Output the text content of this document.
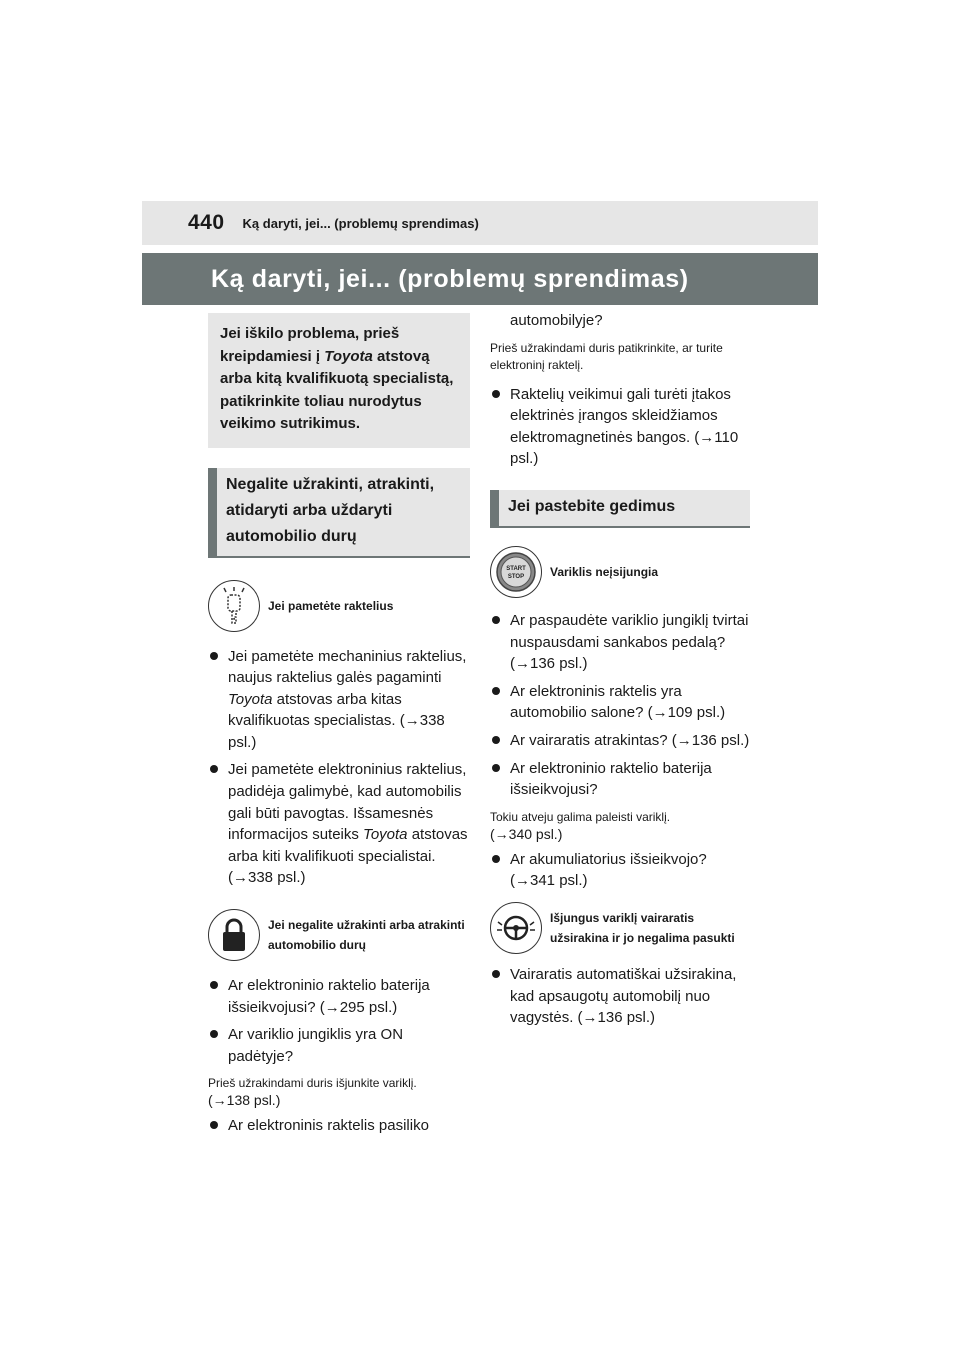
440 Ką daryti, jei... (problemų sprendimas)
Ką daryti, jei... (problemų sprendimas)
Jei iškilo problema, prieš kreipdamiesi į Toyota atstovą arba kitą kvalifikuotą specialistą, patikrinkite toliau nurodytus veikimo sutrikimus.
Negalite užrakinti, atrakinti, atidaryti arba uždaryti automobilio durų
Jei pametėte raktelius
Jei pametėte mechaninius raktelius, naujus raktelius galės pagaminti Toyota atstovas arba kitas kvalifikuotas specialistas. (→338 psl.)
Jei pametėte elektroninius raktelius, padidėja galimybė, kad automobilis gali būti pavogtas. Išsamesnės informacijos suteiks Toyota atstovas arba kiti kvalifikuoti specialistai. (→338 psl.)
Jei negalite užrakinti arba atrakinti automobilio durų
Ar elektroninio raktelio baterija išsieikvojusi? (→295 psl.)
Ar variklio jungiklis yra ON padėtyje?
Prieš užrakindami duris išjunkite variklį.
(→138 psl.)
Ar elektroninis raktelis pasiliko
automobilyje?
Prieš užrakindami duris patikrinkite, ar turite elektroninį raktelį.
Raktelių veikimui gali turėti įtakos elektrinės įrangos skleidžiamos elektromagnetinės bangos. (→110 psl.)
Jei pastebite gedimus
START
STOP Variklis neįsijungia
Ar paspaudėte variklio jungiklį tvirtai nuspausdami sankabos pedalą? (→136 psl.)
Ar elektroninis raktelis yra automobilio salone? (→109 psl.)
Ar vairaratis atrakintas? (→136 psl.)
Ar elektroninio raktelio baterija išsieikvojusi?
Tokiu atveju galima paleisti variklį.
(→340 psl.)
Ar akumuliatorius išsieikvojo? (→341 psl.)
Išjungus variklį vairaratis užsirakina ir jo negalima pasukti
Vairaratis automatiškai užsirakina, kad apsaugotų automobilį nuo vagystės. (→136 psl.)
